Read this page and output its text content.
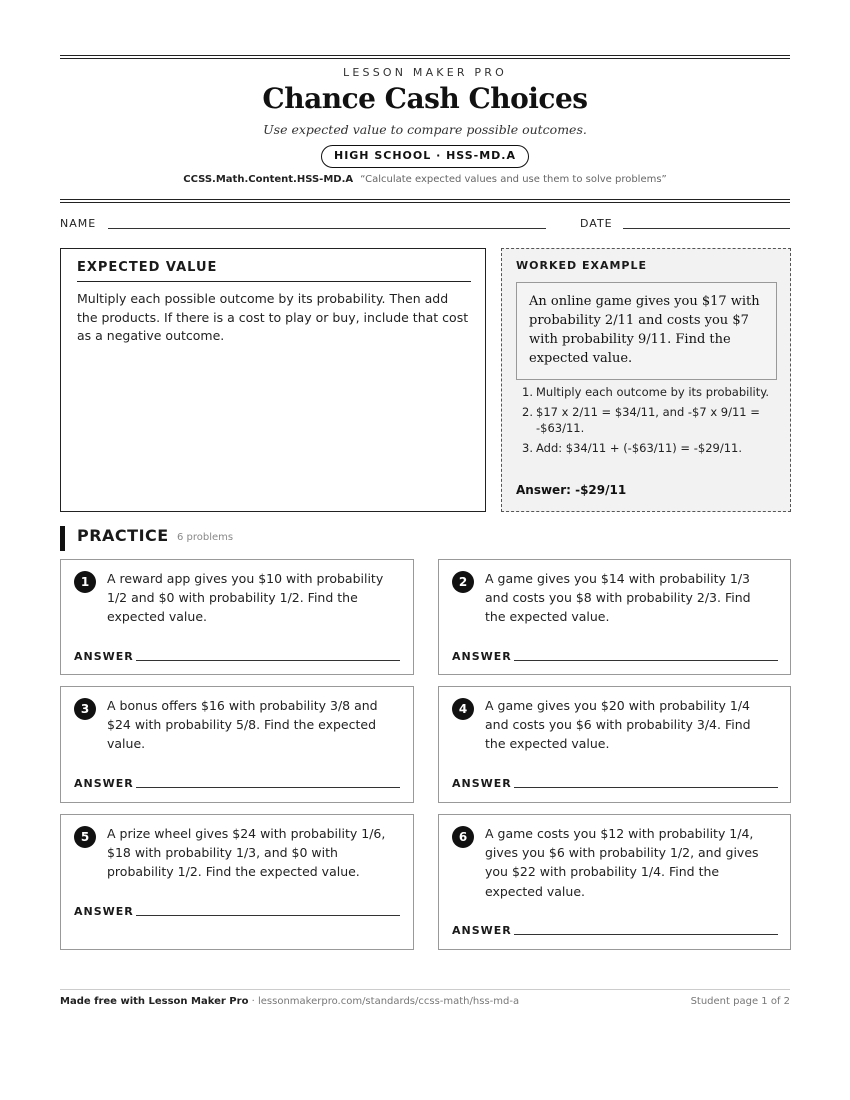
LESSON MAKER PRO
Chance Cash Choices
Use expected value to compare possible outcomes.
HIGH SCHOOL · HSS-MD.A
CCSS.Math.Content.HSS-MD.A “Calculate expected values and use them to solve problems”
NAME	DATE
EXPECTED VALUE
Multiply each possible outcome by its probability. Then add the products. If there is a cost to play or buy, include that cost as a negative outcome.
WORKED EXAMPLE
An online game gives you $17 with probability 2/11 and costs you $7 with probability 9/11. Find the expected value.
1. Multiply each outcome by its probability.
2. $17 x 2/11 = $34/11, and -$7 x 9/11 = -$63/11.
3. Add: $34/11 + (-$63/11) = -$29/11.
Answer: -$29/11
PRACTICE 6 problems
1	A reward app gives you $10 with probability 1/2 and $0 with probability 1/2. Find the expected value.
ANSWER
2	A game gives you $14 with probability 1/3 and costs you $8 with probability 2/3. Find the expected value.
ANSWER
3	A bonus offers $16 with probability 3/8 and $24 with probability 5/8. Find the expected value.
ANSWER
4	A game gives you $20 with probability 1/4 and costs you $6 with probability 3/4. Find the expected value.
ANSWER
5	A prize wheel gives $24 with probability 1/6, $18 with probability 1/3, and $0 with probability 1/2. Find the expected value.
ANSWER
6	A game costs you $12 with probability 1/4, gives you $6 with probability 1/2, and gives you $22 with probability 1/4. Find the expected value.
ANSWER
Made free with Lesson Maker Pro · lessonmakerpro.com/standards/ccss-math/hss-md-a	Student page 1 of 2
